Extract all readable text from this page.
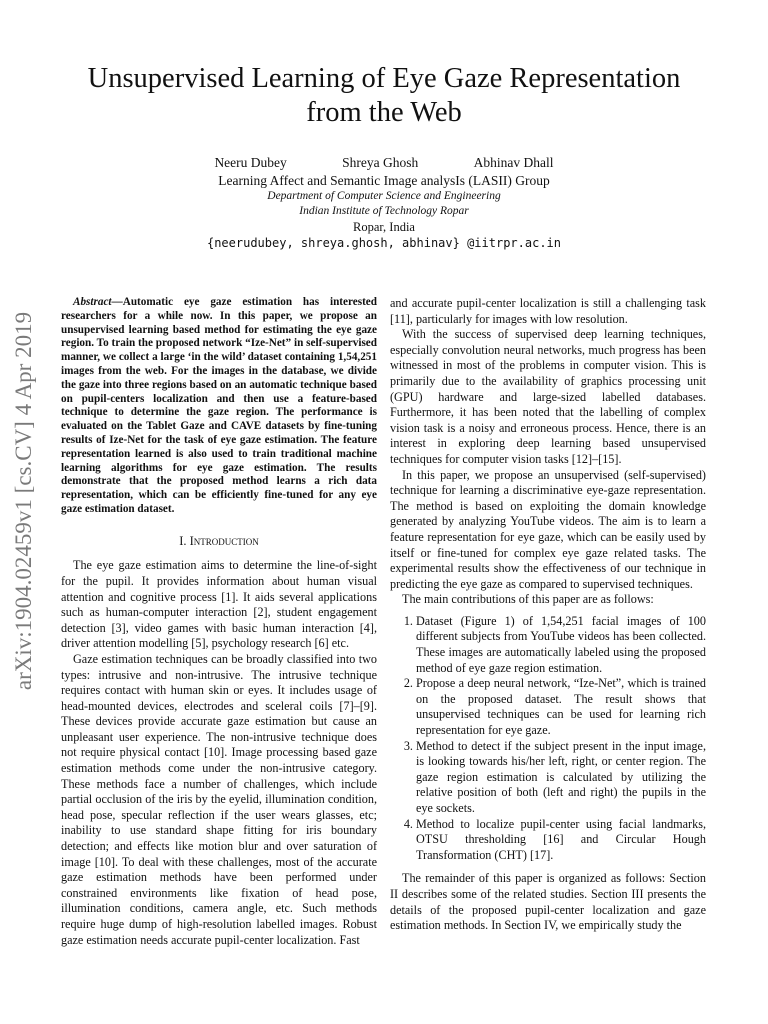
Unsupervised Learning of Eye Gaze Representation
from the Web
Neeru Dubey	Shreya Ghosh	Abhinav Dhall
Learning Affect and Semantic Image analysIs (LASII) Group
Department of Computer Science and Engineering
Indian Institute of Technology Ropar
Ropar, India
{neerudubey, shreya.ghosh, abhinav} @iitrpr.ac.in
arXiv:1904.02459v1 [cs.CV] 4 Apr 2019

Abstract—Automatic eye gaze estimation has interested researchers for a while now. In this paper, we propose an unsupervised learning based method for estimating the eye gaze region. To train the proposed network “Ize-Net” in self-supervised manner, we collect a large ‘in the wild’ dataset containing 1,54,251 images from the web. For the images in the database, we divide the gaze into three regions based on an automatic technique based on pupil-centers localization and then use a feature-based technique to determine the gaze region. The performance is evaluated on the Tablet Gaze and CAVE datasets by fine-tuning results of Ize-Net for the task of eye gaze estimation. The feature representation learned is also used to train traditional machine learning algorithms for eye gaze estimation. The results demonstrate that the proposed method learns a rich data representation, which can be efficiently fine-tuned for any eye gaze estimation dataset.

I. Introduction

The eye gaze estimation aims to determine the line-of-sight for the pupil. It provides information about human visual attention and cognitive process [1]. It aids several applications such as human-computer interaction [2], student engagement detection [3], video games with basic human interaction [4], driver attention modelling [5], psychology research [6] etc.

Gaze estimation techniques can be broadly classified into two types: intrusive and non-intrusive. The intrusive technique requires contact with human skin or eyes. It includes usage of head-mounted devices, electrodes and sceleral coils [7]–[9]. These devices provide accurate gaze estimation but cause an unpleasant user experience. The non-intrusive technique does not require physical contact [10]. Image processing based gaze estimation methods come under the non-intrusive category. These methods face a number of challenges, which include partial occlusion of the iris by the eyelid, illumination condition, head pose, specular reflection if the user wears glasses, etc; inability to use standard shape fitting for iris boundary detection; and effects like motion blur and over saturation of image [10]. To deal with these challenges, most of the accurate gaze estimation methods have been performed under constrained environments like fixation of head pose, illumination conditions, camera angle, etc. Such methods require huge dump of high-resolution labelled images. Robust gaze estimation needs accurate pupil-center localization. Fast

and accurate pupil-center localization is still a challenging task [11], particularly for images with low resolution.

With the success of supervised deep learning techniques, especially convolution neural networks, much progress has been witnessed in most of the problems in computer vision. This is primarily due to the availability of graphics processing unit (GPU) hardware and large-sized labelled databases. Furthermore, it has been noted that the labelling of complex vision task is a noisy and erroneous process. Hence, there is an interest in exploring deep learning based unsupervised techniques for computer vision tasks [12]–[15].

In this paper, we propose an unsupervised (self-supervised) technique for learning a discriminative eye-gaze representation. The method is based on exploiting the domain knowledge generated by analyzing YouTube videos. The aim is to learn a feature representation for eye gaze, which can be easily used by itself or fine-tuned for complex eye gaze related tasks. The experimental results show the effectiveness of our technique in predicting the eye gaze as compared to supervised techniques.

The main contributions of this paper are as follows:

1. Dataset (Figure 1) of 1,54,251 facial images of 100 different subjects from YouTube videos has been collected. These images are automatically labeled using the proposed method of eye gaze region estimation.
2. Propose a deep neural network, “Ize-Net”, which is trained on the proposed dataset. The result shows that unsupervised techniques can be used for learning rich representation for eye gaze.
3. Method to detect if the subject present in the input image, is looking towards his/her left, right, or center region. The gaze region estimation is calculated by utilizing the relative position of both (left and right) the pupils in the eye sockets.
4. Method to localize pupil-center using facial landmarks, OTSU thresholding [16] and Circular Hough Transformation (CHT) [17].

The remainder of this paper is organized as follows: Section II describes some of the related studies. Section III presents the details of the proposed pupil-center localization and gaze estimation methods. In Section IV, we empirically study the
